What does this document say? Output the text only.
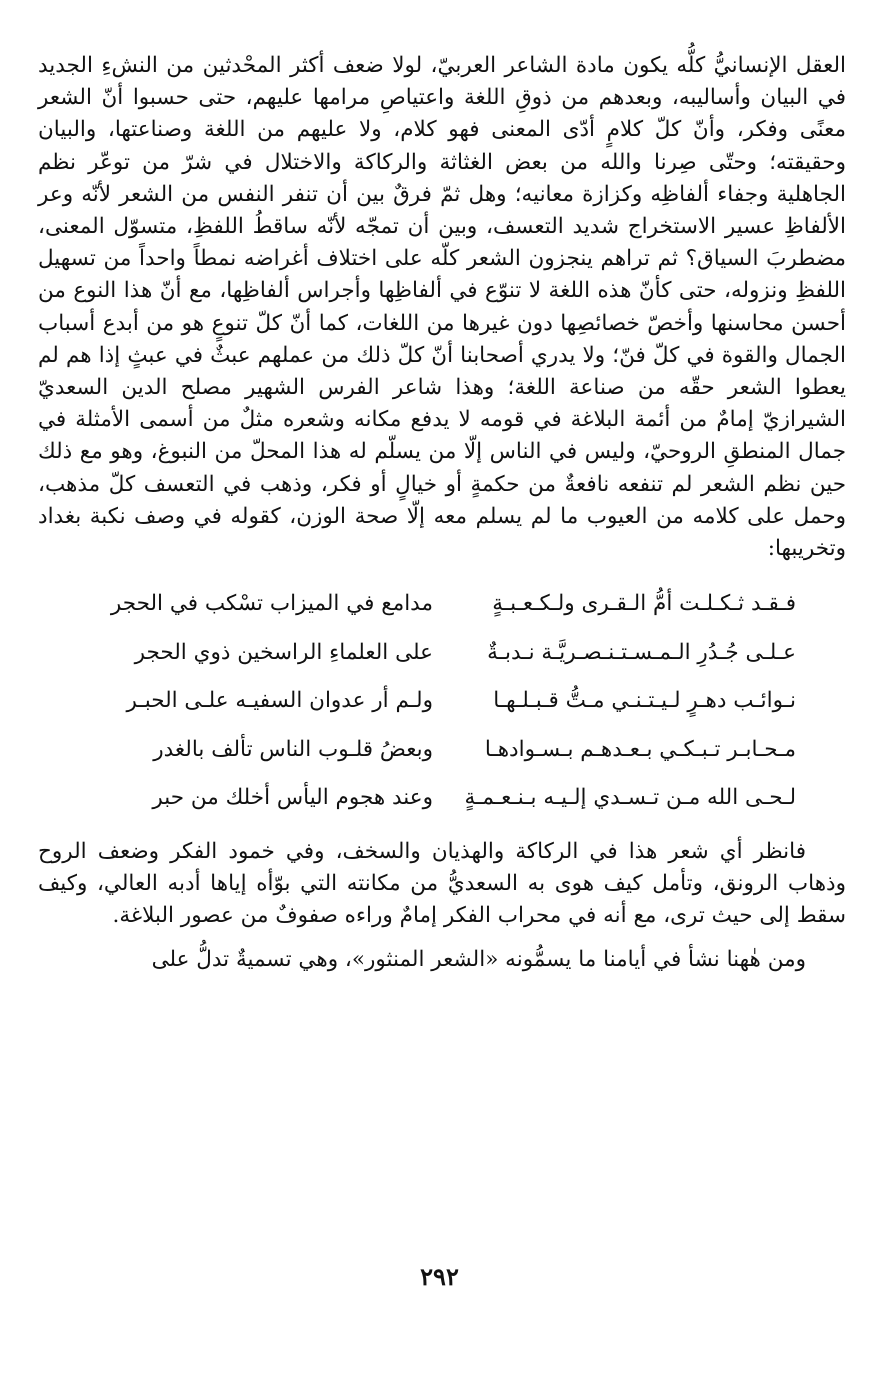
العقل الإنسانيُّ كلُّه يكون مادة الشاعر العربيّ، لولا ضعف أكثر المحْدثين من النشءِ الجديد في البيان وأساليبه، وبعدهم من ذوقِ اللغة واعتياصِ مرامها عليهم، حتى حسبوا أنّ الشعر معنًى وفكر، وأنّ كلّ كلامٍ أدّى المعنى فهو كلام، ولا عليهم من اللغة وصناعتها، والبيان وحقيقته؛ وحتّى صِرنا والله من بعض الغثاثة والركاكة والاختلال في شرّ من توعّر نظم الجاهلية وجفاء ألفاظِه وكزازة معانيه؛ وهل ثمّ فرقٌ بين أن تنفر النفس من الشعر لأنّه وعر الألفاظِ عسير الاستخراج شديد التعسف، وبين أن تمجّه لأنّه ساقطُ اللفظِ، متسوّل المعنى، مضطربَ السياق؟ ثم تراهم ينجزون الشعر كلّه على اختلاف أغراضه نمطاً واحداً من تسهيل اللفظِ ونزوله، حتى كأنّ هذه اللغة لا تنوّع في ألفاظِها وأجراس ألفاظِها، مع أنّ هذا النوع من أحسن محاسنها وأخصّ خصائصِها دون غيرها من اللغات، كما أنّ كلّ تنوعٍ هو من أبدع أسباب الجمال والقوة في كلّ فنّ؛ ولا يدري أصحابنا أنّ كلّ ذلك من عملهم عبثٌ في عبثٍ إذا هم لم يعطوا الشعر حقّه من صناعة اللغة؛ وهذا شاعر الفرس الشهير مصلح الدين السعديّ الشيرازيّ إمامٌ من أئمة البلاغة في قومه لا يدفع مكانه وشعره مثلٌ من أسمى الأمثلة في جمال المنطقِ الروحيّ، وليس في الناس إلّا من يسلّم له هذا المحلّ من النبوغ، وهو مع ذلك حين نظم الشعر لم تنفعه نافعةٌ من حكمةٍ أو خيالٍ أو فكر، وذهب في التعسف كلّ مذهب، وحمل على كلامه من العيوب ما لم يسلم معه إلّا صحة الوزن، كقوله في وصف نكبة بغداد وتخريبها:

فـقـد ثـكـلـت أمُّ الـقـرى ولـكـعـبـةٍ
مدامع في الميزاب تسْكب في الحجر
عـلـى جُـدُرِ الـمـسـتـنـصـريَّـة نـدبـةٌ
على العلماءِ الراسخين ذوي الحجر
نـوائـب دهـرٍ لـيـتـنـي مـتُّ قـبـلـهـا
ولـم أر عدوان السفيـه علـى الحبـر
مـحـابـر تـبـكـي بـعـدهـم بـسـوادهـا
وبعضُ قلـوب الناس تألف بالغدر
لـحـى الله مـن تـسـدي إلـيـه بـنـعـمـةٍ
وعند هجوم اليأس أخلك من حبر

فانظر أي شعر هذا في الركاكة والهذيان والسخف، وفي خمود الفكر وضعف الروح وذهاب الرونق، وتأمل كيف هوى به السعديُّ من مكانته التي بوّأه إياها أدبه العالي، وكيف سقط إلى حيث ترى، مع أنه في محراب الفكر إمامٌ وراءه صفوفٌ من عصور البلاغة.

ومن هٰهنا نشأ في أيامنا ما يسمُّونه «الشعر المنثور»، وهي تسميةٌ تدلُّ على

٢٩٢
